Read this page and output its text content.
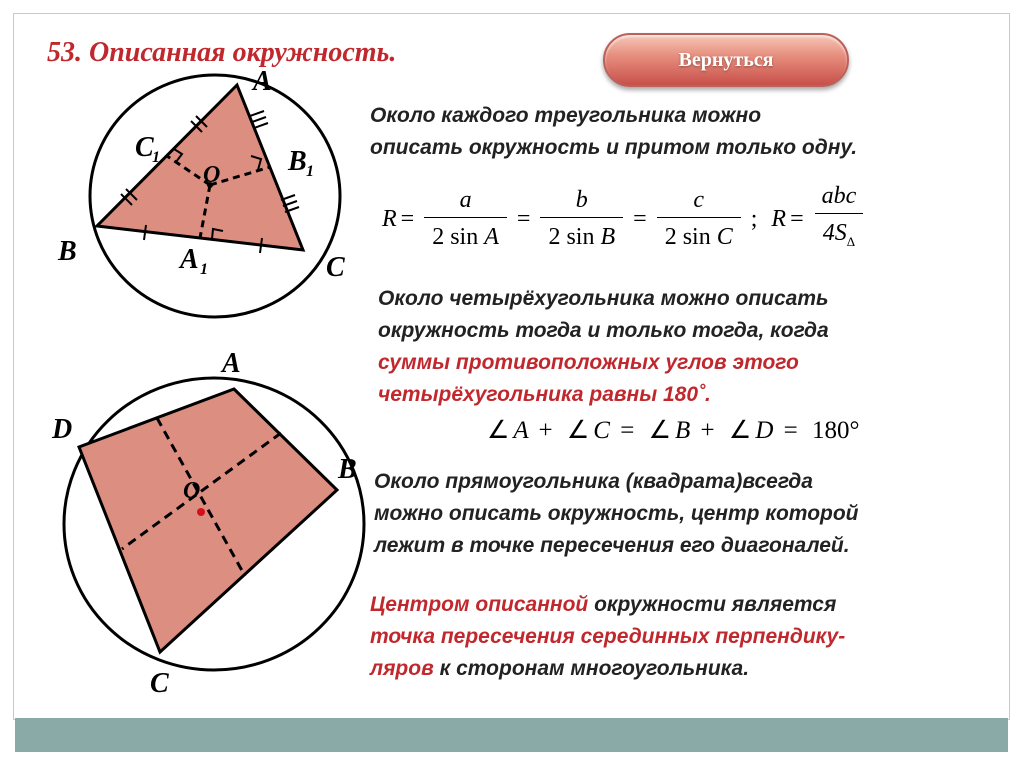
53. Описанная окружность.	Вернуться
A
B
C
O
C
1	B 1
A 1
A
B
C
D
O

Около каждого треугольника можно
описать окружность и притом только одну.

$R = \frac{a}{\text{2 sin A}} = \frac{b}{\text{2 sin B}} = \frac{c}{\text{2 sin C}}$ ; $R = \frac{\text{abc}}{4S_\Delta}$

Около четырёхугольника можно описать
окружность тогда и только тогда, когда
суммы противоположных углов этого
четырёхугольника равны 180˚.

∠ A + ∠ C = ∠ B + ∠ D = 180°

Около прямоугольника (квадрата)всегда
можно описать окружность, центр которой
лежит в точке пересечения его диагоналей.

Центром описанной окружности является
точка пересечения серединных перпендику-
ляров к сторонам многоугольника.
